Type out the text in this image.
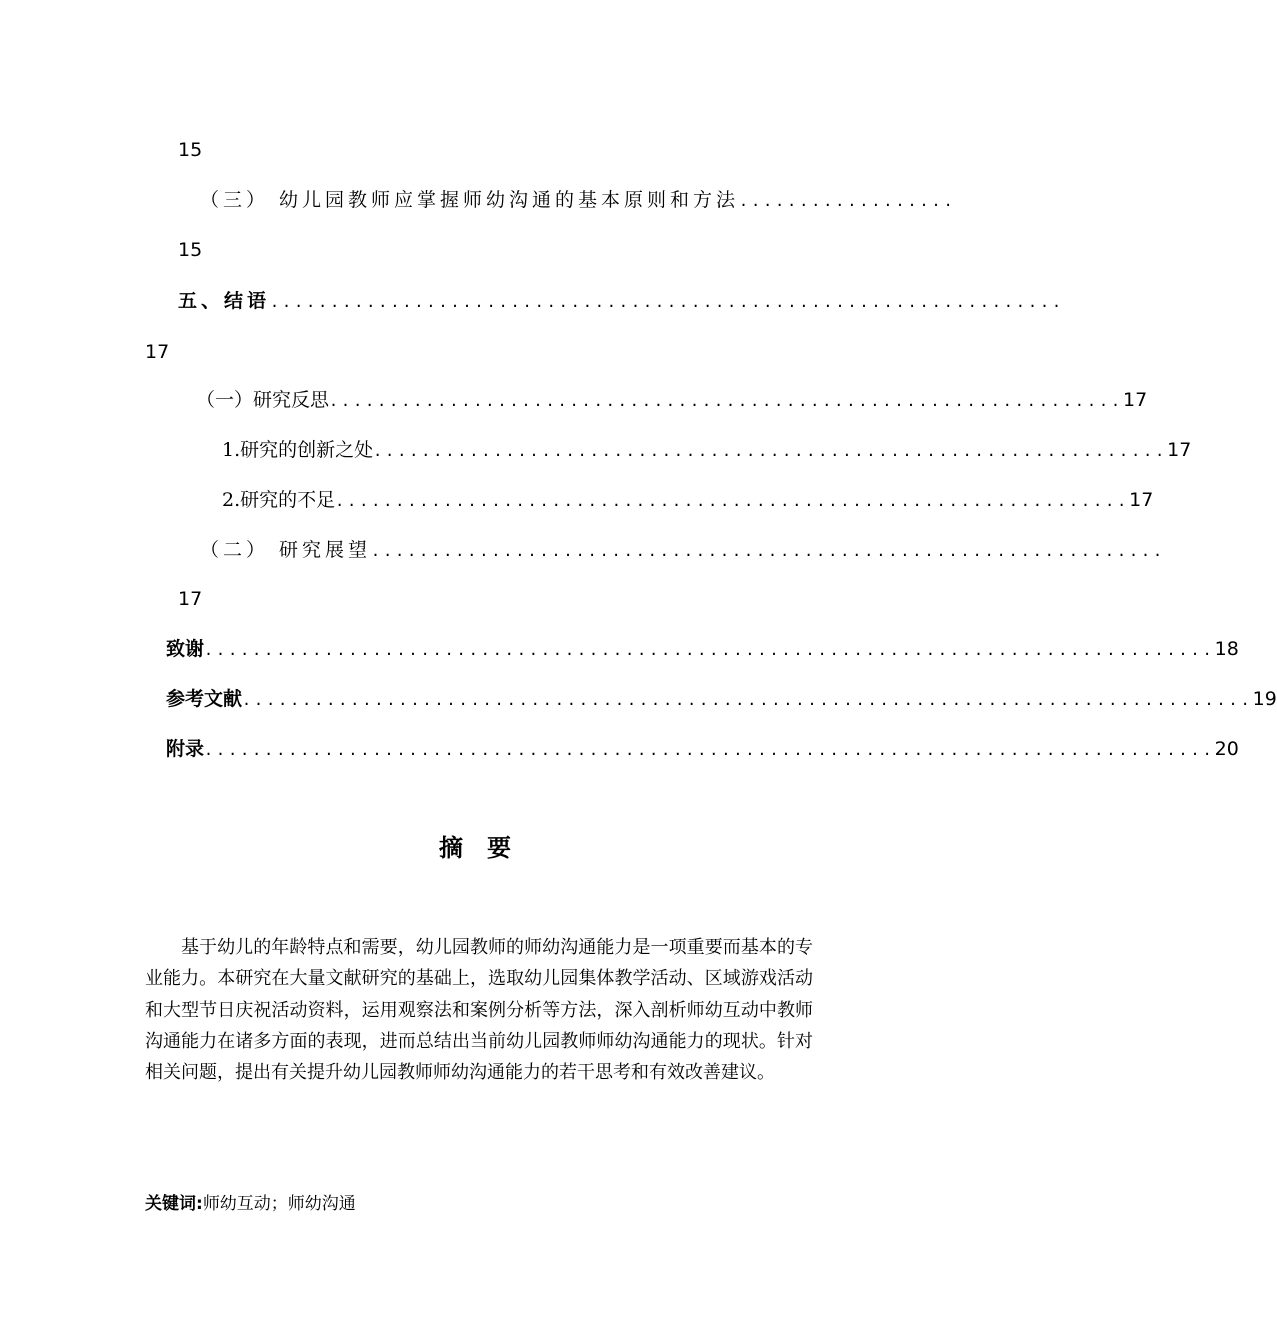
15
（三） 幼儿园教师应掌握师幼沟通的基本原则和方法 ..................
15
五、结语 ..................................................................
17
（一）研究反思 .................................................................. 17
1.研究的创新之处 .................................................................. 17
2.研究的不足 .................................................................. 17
（二） 研究展望 ..................................................................
17
致谢 .................................................................................... 18
参考文献 .................................................................................... 19
附录 .................................................................................... 20
摘要

基于幼儿的年龄特点和需要，幼儿园教师的师幼沟通能力是一项重要而基本的专业能力。本研究在大量文献研究的基础上，选取幼儿园集体教学活动、区域游戏活动和大型节日庆祝活动资料，运用观察法和案例分析等方法，深入剖析师幼互动中教师沟通能力在诸多方面的表现，进而总结出当前幼儿园教师师幼沟通能力的现状。针对相关问题，提出有关提升幼儿园教师师幼沟通能力的若干思考和有效改善建议。

关键词:师幼互动；师幼沟通
